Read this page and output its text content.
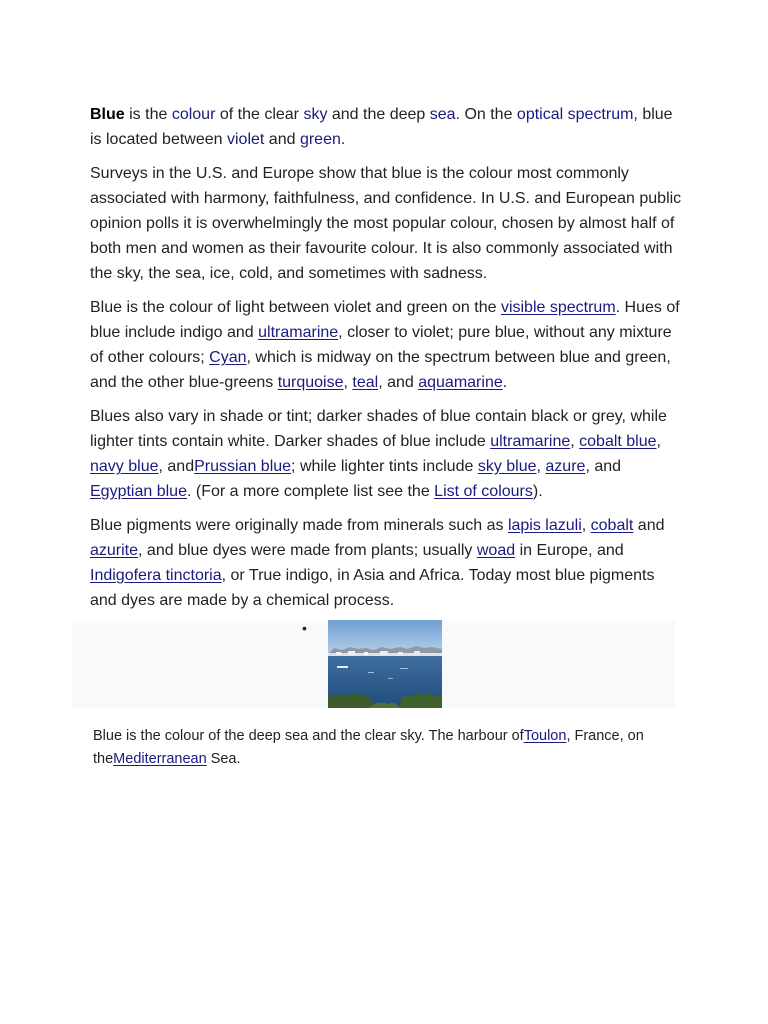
Blue is the colour of the clear sky and the deep sea. On the optical spectrum, blue is located between violet and green.

Surveys in the U.S. and Europe show that blue is the colour most commonly associated with harmony, faithfulness, and confidence. In U.S. and European public opinion polls it is overwhelmingly the most popular colour, chosen by almost half of both men and women as their favourite colour. It is also commonly associated with the sky, the sea, ice, cold, and sometimes with sadness.

Blue is the colour of light between violet and green on the visible spectrum. Hues of blue include indigo and ultramarine, closer to violet; pure blue, without any mixture of other colours; Cyan, which is midway on the spectrum between blue and green, and the other blue-greens turquoise, teal, and aquamarine.

Blues also vary in shade or tint; darker shades of blue contain black or grey, while lighter tints contain white. Darker shades of blue include ultramarine, cobalt blue, navy blue, andPrussian blue; while lighter tints include sky blue, azure, and Egyptian blue. (For a more complete list see the List of colours).

Blue pigments were originally made from minerals such as lapis lazuli, cobalt and azurite, and blue dyes were made from plants; usually woad in Europe, and Indigofera tinctoria, or True indigo, in Asia and Africa. Today most blue pigments and dyes are made by a chemical process.

•
Blue is the colour of the deep sea and the clear sky. The harbour ofToulon, France, on theMediterranean Sea.
